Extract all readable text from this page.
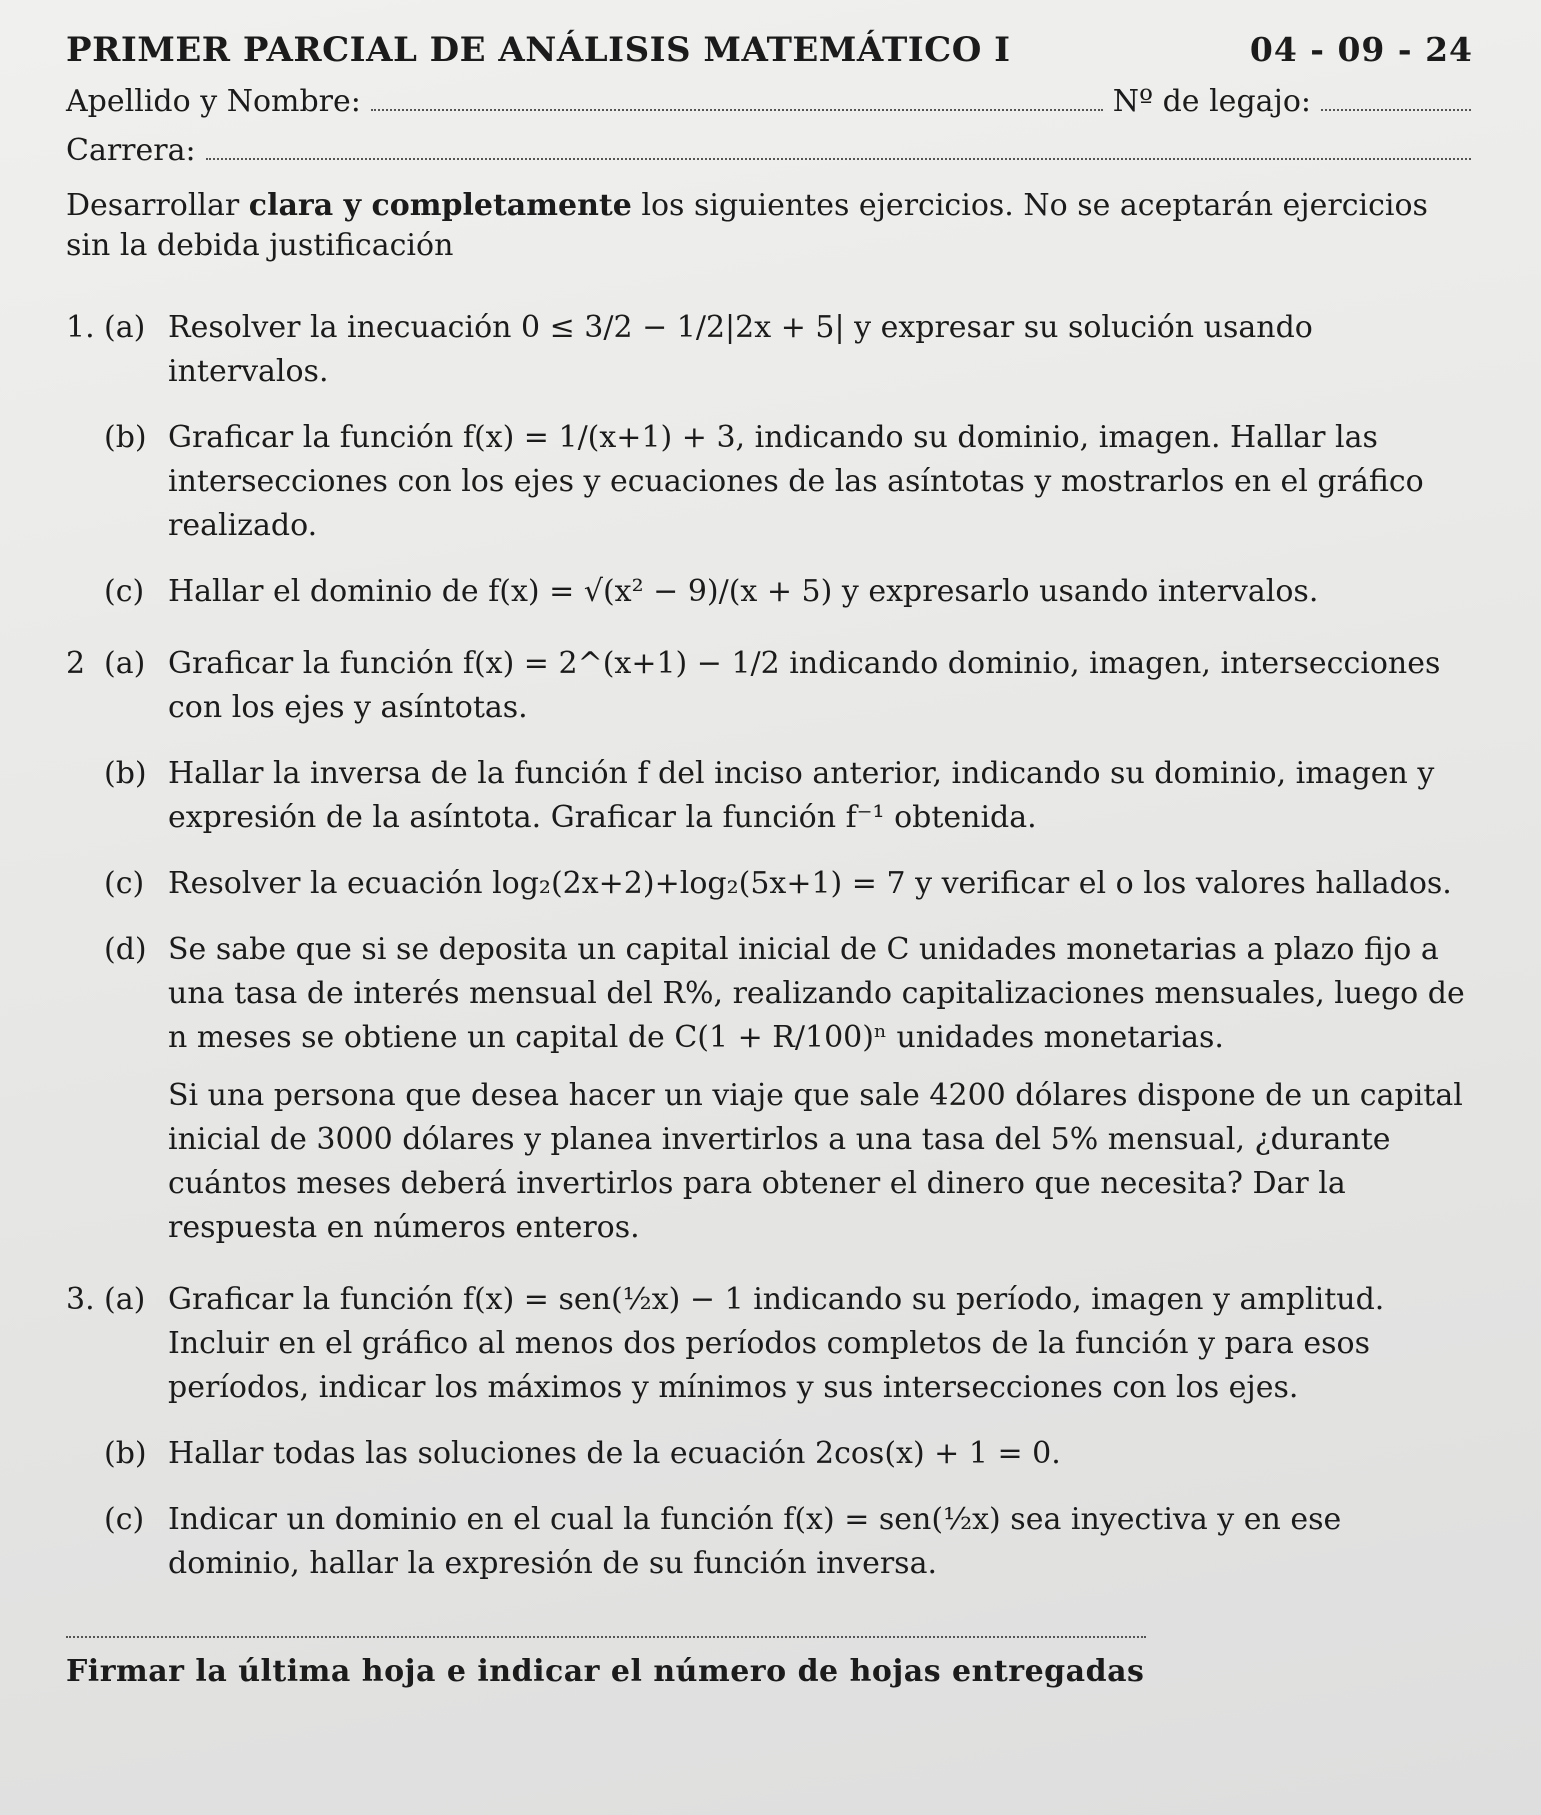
PRIMER PARCIAL DE ANÁLISIS MATEMÁTICO I	04 - 09 - 24
Apellido y Nombre:	Nº de legajo:
Carrera:
Desarrollar clara y completamente los siguientes ejercicios. No se aceptarán ejercicios sin la debida justificación
1. (a) Resolver la inecuación 0 ≤ 3/2 − 1/2|2x + 5| y expresar su solución usando intervalos.
(b) Graficar la función f(x) = 1/(x+1) + 3, indicando su dominio, imagen. Hallar las intersecciones con los ejes y ecuaciones de las asíntotas y mostrarlos en el gráfico realizado.
(c) Hallar el dominio de f(x) = √(x² − 9)/(x + 5) y expresarlo usando intervalos.
2 (a) Graficar la función f(x) = 2^(x+1) − 1/2 indicando dominio, imagen, intersecciones con los ejes y asíntotas.
(b) Hallar la inversa de la función f del inciso anterior, indicando su dominio, imagen y expresión de la asíntota. Graficar la función f⁻¹ obtenida.
(c) Resolver la ecuación log₂(2x+2)+log₂(5x+1) = 7 y verificar el o los valores hallados.
(d) Se sabe que si se deposita un capital inicial de C unidades monetarias a plazo fijo a una tasa de interés mensual del R%, realizando capitalizaciones mensuales, luego de n meses se obtiene un capital de C(1 + R/100)ⁿ unidades monetarias.
Si una persona que desea hacer un viaje que sale 4200 dólares dispone de un capital inicial de 3000 dólares y planea invertirlos a una tasa del 5% mensual, ¿durante cuántos meses deberá invertirlos para obtener el dinero que necesita? Dar la respuesta en números enteros.
3. (a) Graficar la función f(x) = sen(½x) − 1 indicando su período, imagen y amplitud. Incluir en el gráfico al menos dos períodos completos de la función y para esos períodos, indicar los máximos y mínimos y sus intersecciones con los ejes.
(b) Hallar todas las soluciones de la ecuación 2cos(x) + 1 = 0.
(c) Indicar un dominio en el cual la función f(x) = sen(½x) sea inyectiva y en ese dominio, hallar la expresión de su función inversa.
Firmar la última hoja e indicar el número de hojas entregadas
